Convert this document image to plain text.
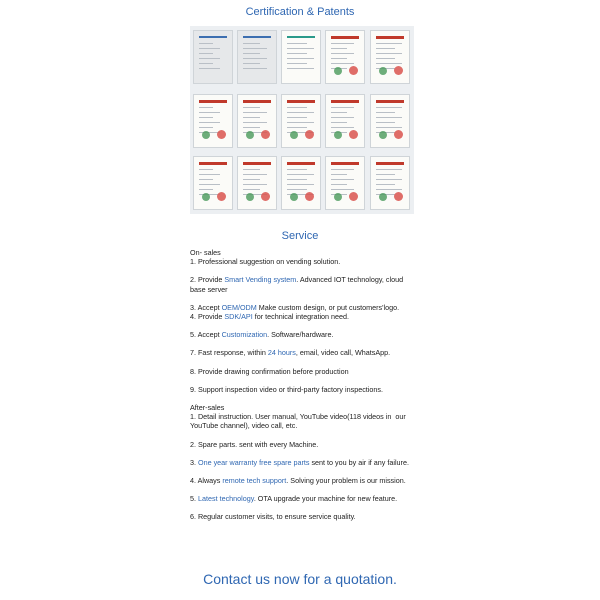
Certification & Patents
Service

On- sales

1. Professional suggestion on vending solution.

2. Provide Smart Vending system. Advanced IOT technology, cloud base server

3. Accept OEM/ODM Make custom design, or put customers'logo.

4. Provide SDK/API for technical integration need.

5. Accept Customization. Software/hardware.

7. Fast response, within 24 hours, email, video call, WhatsApp.

8. Provide drawing confirmation before production

9. Support inspection video or third-party factory inspections.

After-sales

1. Detail instruction. User manual, YouTube video(118 videos in  our YouTube channel), video call, etc.

2. Spare parts. sent with every Machine.

3. One year warranty free spare parts sent to you by air if any failure.

4. Always remote tech support. Solving your problem is our mission.

5. Latest technology. OTA upgrade your machine for new feature.

6. Regular customer visits, to ensure service quality.

Contact us now for a quotation.
